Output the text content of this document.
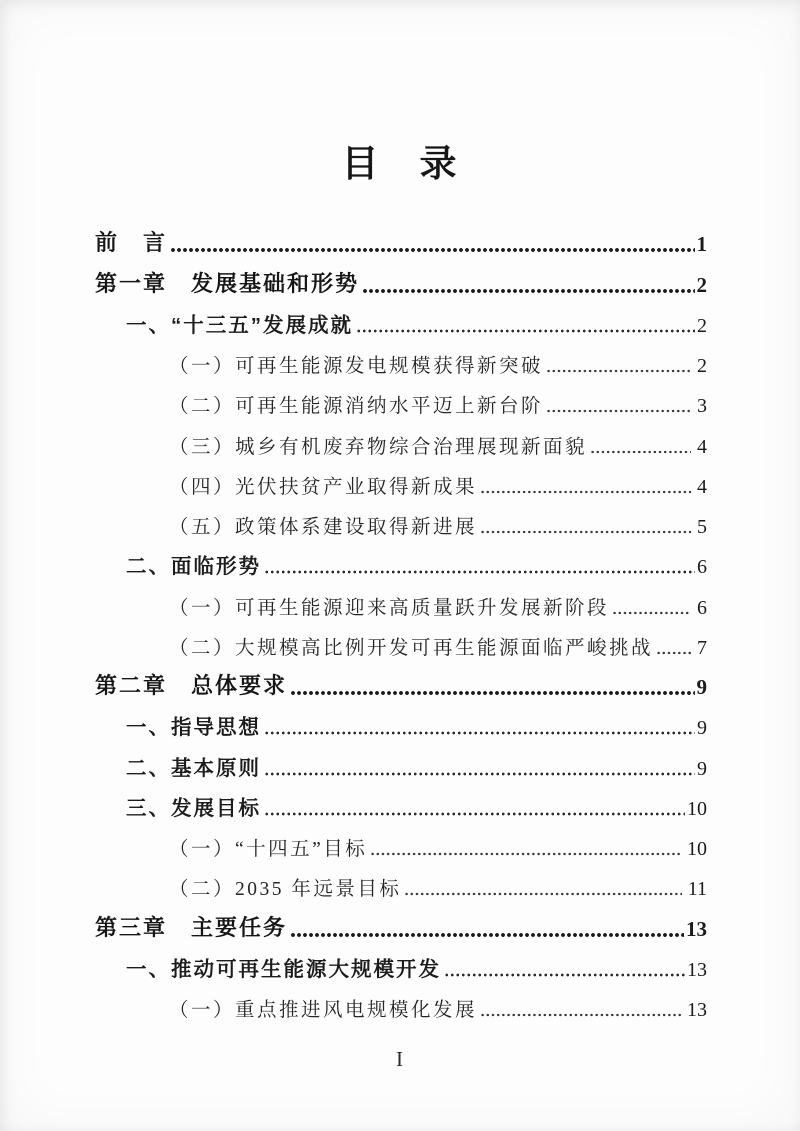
目　录
前　言	1
第一章　发展基础和形势	2
一、“十三五”发展成就	2
（一）可再生能源发电规模获得新突破	2
（二）可再生能源消纳水平迈上新台阶	3
（三）城乡有机废弃物综合治理展现新面貌	4
（四）光伏扶贫产业取得新成果	4
（五）政策体系建设取得新进展	5
二、面临形势	6
（一）可再生能源迎来高质量跃升发展新阶段	6
（二）大规模高比例开发可再生能源面临严峻挑战 7
第二章　总体要求	9
一、指导思想	9
二、基本原则	9
三、发展目标	10
（一）“十四五”目标	10
（二）2035 年远景目标	11
第三章　主要任务	13
一、推动可再生能源大规模开发	13
（一）重点推进风电规模化发展	13
I
